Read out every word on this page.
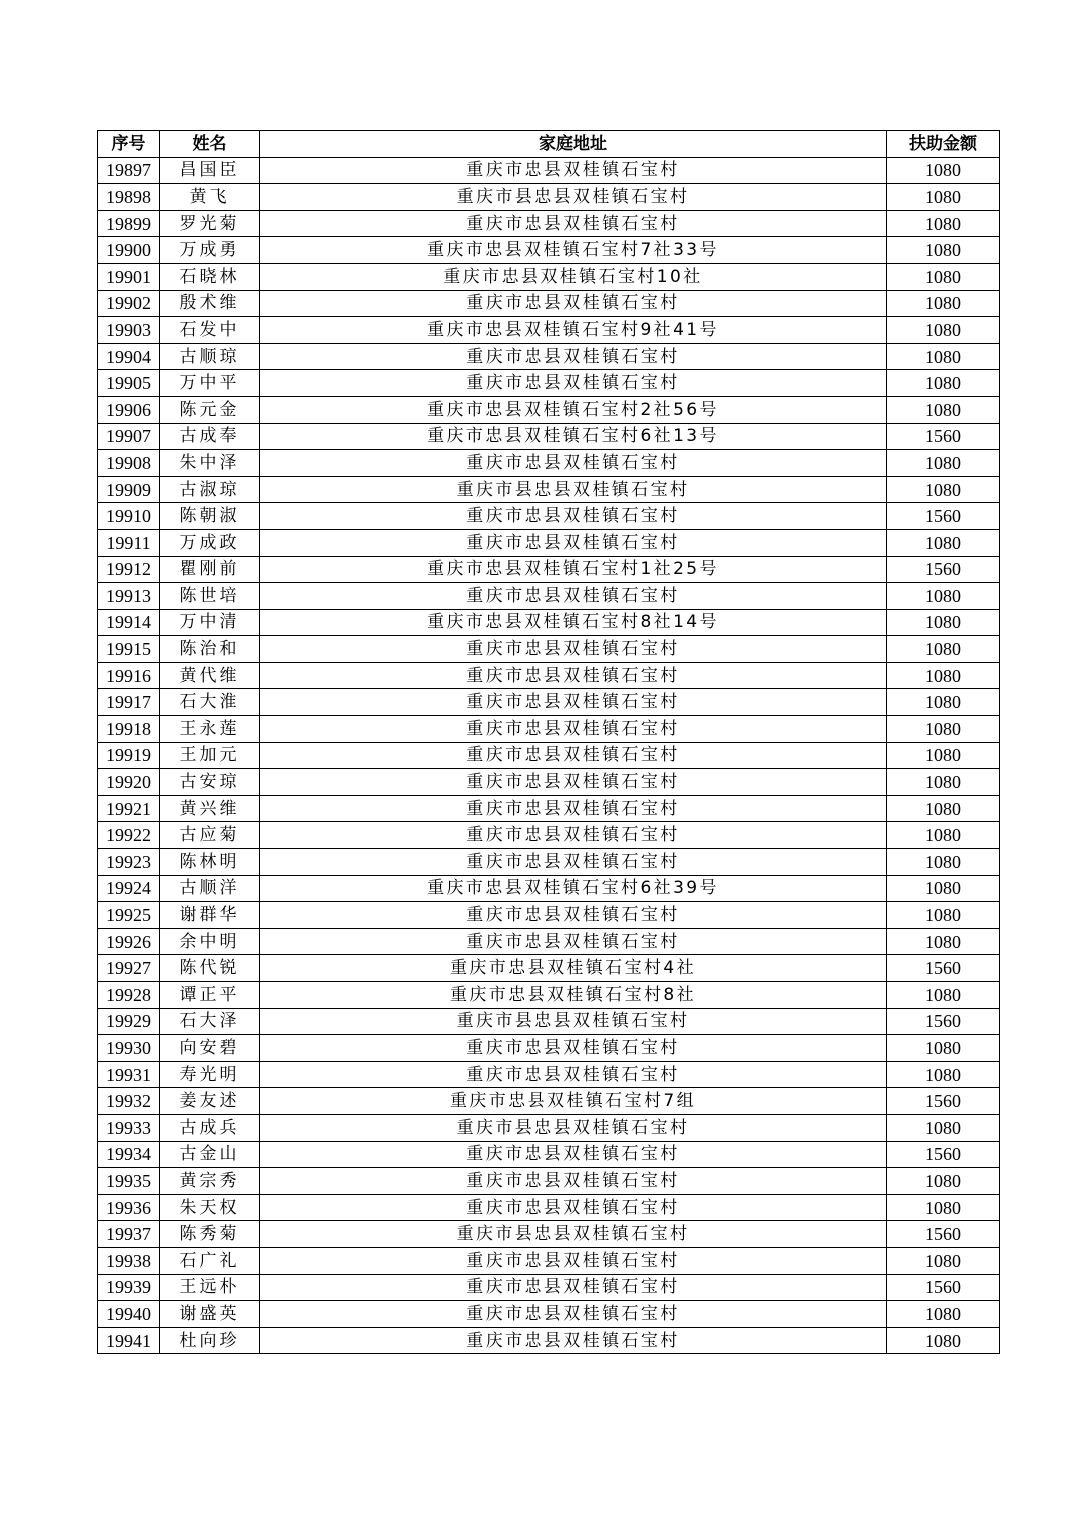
序号	姓名	家庭地址	扶助金额
19897	昌国臣	重庆市忠县双桂镇石宝村	1080
19898	黄飞	重庆市县忠县双桂镇石宝村	1080
19899	罗光菊	重庆市忠县双桂镇石宝村	1080
19900	万成勇	重庆市忠县双桂镇石宝村7社33号	1080
19901	石晓林	重庆市忠县双桂镇石宝村10社	1080
19902	殷术维	重庆市忠县双桂镇石宝村	1080
19903	石发中	重庆市忠县双桂镇石宝村9社41号	1080
19904	古顺琼	重庆市忠县双桂镇石宝村	1080
19905	万中平	重庆市忠县双桂镇石宝村	1080
19906	陈元金	重庆市忠县双桂镇石宝村2社56号	1080
19907	古成奉	重庆市忠县双桂镇石宝村6社13号	1560
19908	朱中泽	重庆市忠县双桂镇石宝村	1080
19909	古淑琼	重庆市县忠县双桂镇石宝村	1080
19910	陈朝淑	重庆市忠县双桂镇石宝村	1560
19911	万成政	重庆市忠县双桂镇石宝村	1080
19912	瞿刚前	重庆市忠县双桂镇石宝村1社25号	1560
19913	陈世培	重庆市忠县双桂镇石宝村	1080
19914	万中清	重庆市忠县双桂镇石宝村8社14号	1080
19915	陈治和	重庆市忠县双桂镇石宝村	1080
19916	黄代维	重庆市忠县双桂镇石宝村	1080
19917	石大淮	重庆市忠县双桂镇石宝村	1080
19918	王永莲	重庆市忠县双桂镇石宝村	1080
19919	王加元	重庆市忠县双桂镇石宝村	1080
19920	古安琼	重庆市忠县双桂镇石宝村	1080
19921	黄兴维	重庆市忠县双桂镇石宝村	1080
19922	古应菊	重庆市忠县双桂镇石宝村	1080
19923	陈林明	重庆市忠县双桂镇石宝村	1080
19924	古顺洋	重庆市忠县双桂镇石宝村6社39号	1080
19925	谢群华	重庆市忠县双桂镇石宝村	1080
19926	余中明	重庆市忠县双桂镇石宝村	1080
19927	陈代锐	重庆市忠县双桂镇石宝村4社	1560
19928	谭正平	重庆市忠县双桂镇石宝村8社	1080
19929	石大泽	重庆市县忠县双桂镇石宝村	1560
19930	向安碧	重庆市忠县双桂镇石宝村	1080
19931	寿光明	重庆市忠县双桂镇石宝村	1080
19932	姜友述	重庆市忠县双桂镇石宝村7组	1560
19933	古成兵	重庆市县忠县双桂镇石宝村	1080
19934	古金山	重庆市忠县双桂镇石宝村	1560
19935	黄宗秀	重庆市忠县双桂镇石宝村	1080
19936	朱天权	重庆市忠县双桂镇石宝村	1080
19937	陈秀菊	重庆市县忠县双桂镇石宝村	1560
19938	石广礼	重庆市忠县双桂镇石宝村	1080
19939	王远朴	重庆市忠县双桂镇石宝村	1560
19940	谢盛英	重庆市忠县双桂镇石宝村	1080
19941	杜向珍	重庆市忠县双桂镇石宝村	1080
